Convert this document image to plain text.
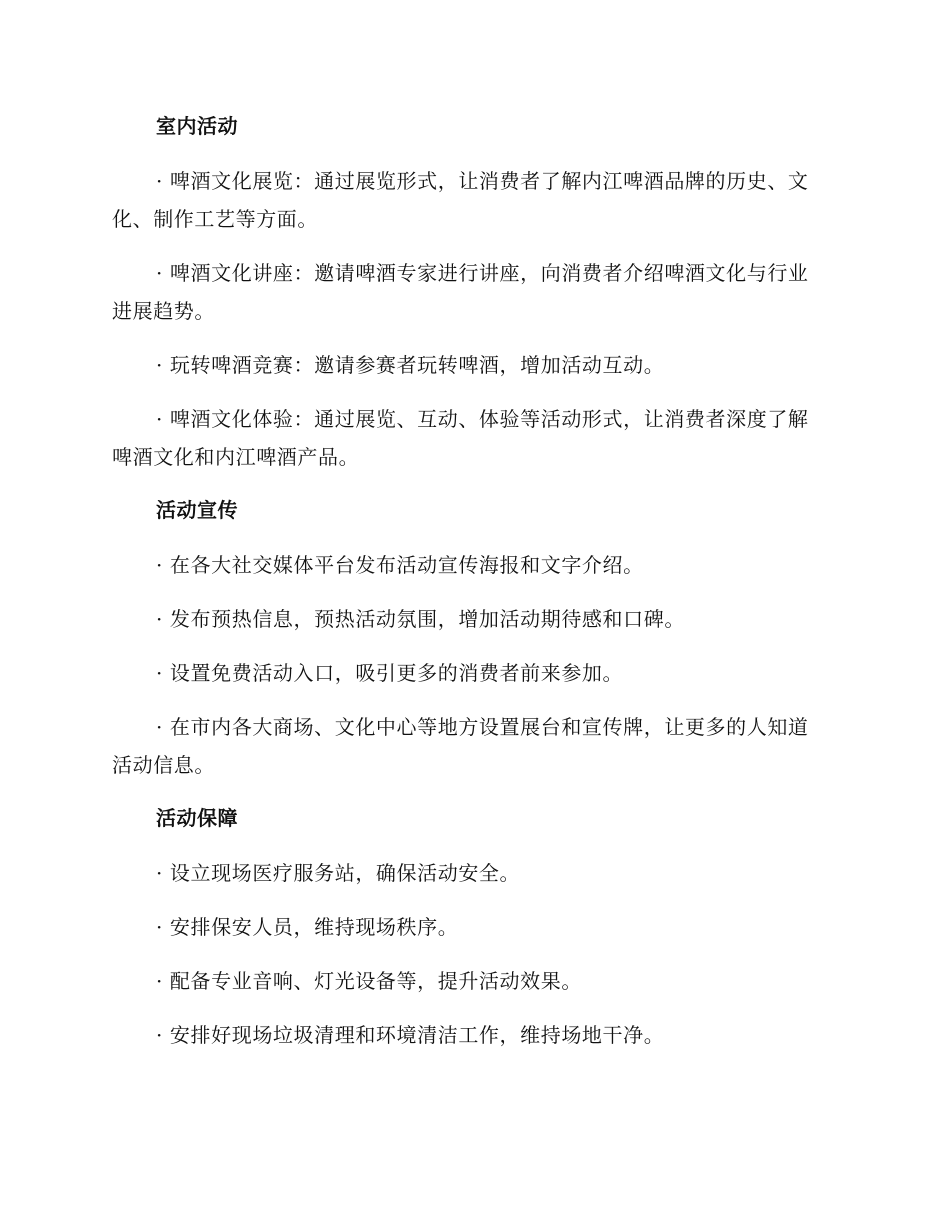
室内活动

· 啤酒文化展览：通过展览形式，让消费者了解内江啤酒品牌的历史、文化、制作工艺等方面。

· 啤酒文化讲座：邀请啤酒专家进行讲座，向消费者介绍啤酒文化与行业进展趋势。

· 玩转啤酒竞赛：邀请参赛者玩转啤酒，增加活动互动。

· 啤酒文化体验：通过展览、互动、体验等活动形式，让消费者深度了解啤酒文化和内江啤酒产品。

活动宣传

· 在各大社交媒体平台发布活动宣传海报和文字介绍。

· 发布预热信息，预热活动氛围，增加活动期待感和口碑。

· 设置免费活动入口，吸引更多的消费者前来参加。

· 在市内各大商场、文化中心等地方设置展台和宣传牌，让更多的人知道活动信息。

活动保障

· 设立现场医疗服务站，确保活动安全。

· 安排保安人员，维持现场秩序。

· 配备专业音响、灯光设备等，提升活动效果。

· 安排好现场垃圾清理和环境清洁工作，维持场地干净。
